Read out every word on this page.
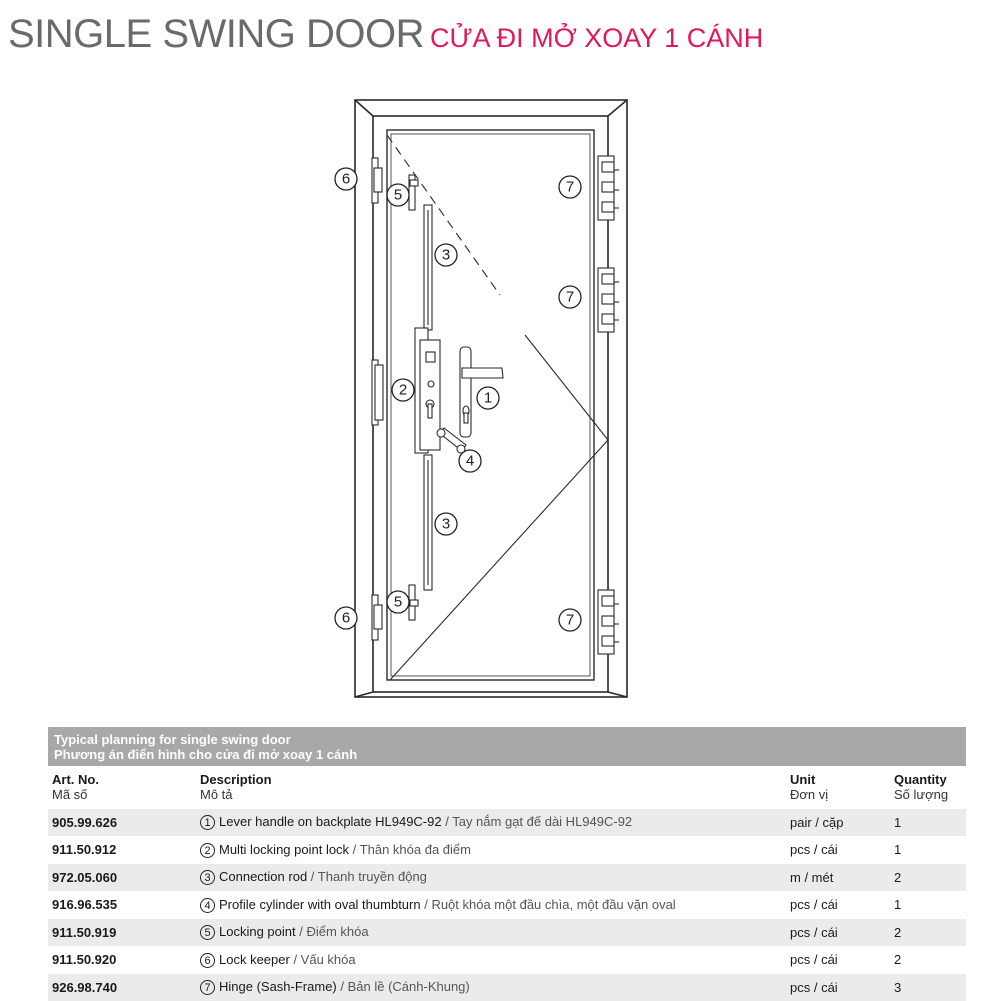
SINGLE SWING DOOR CỬA ĐI MỞ XOAY 1 CÁNH
1
2
3
3
4
5
5
6
6
7
7
7
Typical planning for single swing door
Phương án điển hình cho cửa đi mở xoay 1 cánh
Art. No.
Mã số
Description
Mô tả
Unit
Đơn vị
Quantity
Số lượng
905.99.626	1 Lever handle on backplate HL949C-92 / Tay nắm gạt đế dài HL949C-92	pair / cặp	1
911.50.912	2 Multi locking point lock / Thân khóa đa điểm	pcs / cái	1
972.05.060	3 Connection rod / Thanh truyền động	m / mét	2
916.96.535	4 Profile cylinder with oval thumbturn / Ruột khóa một đầu chìa, một đầu vặn oval	pcs / cái	1
911.50.919	5 Locking point / Điểm khóa	pcs / cái	2
911.50.920	6 Lock keeper / Vấu khóa	pcs / cái	2
926.98.740	7 Hinge (Sash-Frame) / Bản lề (Cánh-Khung)	pcs / cái	3
